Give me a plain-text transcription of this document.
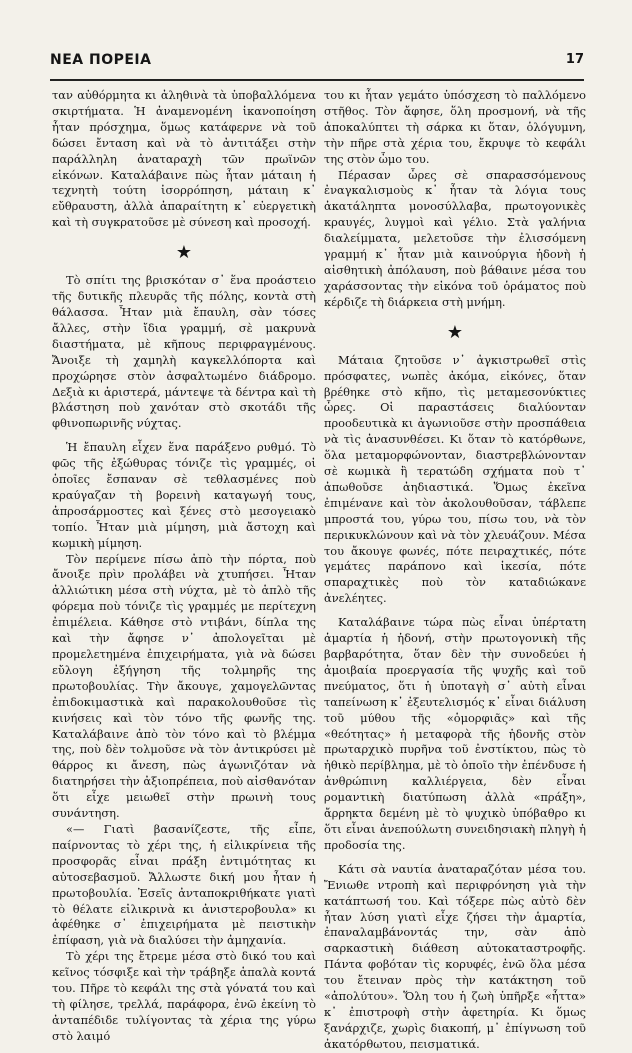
ΝΕΑ ΠΟΡΕΙΑ	17

ταν αὐθόρμητα κι ἀληθινὰ τὰ ὑποβαλλόμενα σκιρτήματα. Ἡ ἀναμενομένη ἱκανοποίηση ἦταν πρόσχημα, ὅμως κατάφερνε νὰ τοῦ δώσει ἔνταση καὶ νὰ τὸ ἀντιτάξει στὴν παράλληλη ἀναταραχὴ τῶν πρωϊνῶν εἰκόνων. Καταλάβαινε πὼς ἦταν μάταιη ἡ τεχνητὴ τούτη ἰσορρόπηση, μάταιη κ᾿ εὔθραυστη, ἀλλὰ ἀπαραίτητη κ᾿ εὐεργετικὴ καὶ τὴ συγκρατοῦσε μὲ σύνεση καὶ προσοχή.

★

Τὸ σπίτι της βρισκόταν σ᾿ ἕνα προάστειο τῆς δυτικῆς πλευρᾶς τῆς πόλης, κοντὰ στὴ θάλασσα. Ἦταν μιὰ ἔπαυλη, σὰν τόσες ἄλλες, στὴν ἴδια γραμμή, σὲ μακρυνὰ διαστήματα, μὲ κῆπους περιφραγμένους. Ἄνοιξε τὴ χαμηλὴ καγκελλόπορτα καὶ προχώρησε στὸν ἀσφαλτωμένο διάδρομο. Δεξιὰ κι ἀριστερά, μάντεψε τὰ δέντρα καὶ τὴ βλάστηση ποὺ χανόταν στὸ σκοτάδι τῆς φθινοπωρινῆς νύχτας.

Ἡ ἔπαυλη εἶχεν ἕνα παράξενο ρυθμό. Τὸ φῶς τῆς ἐξώθυρας τόνιζε τὶς γραμμές, οἱ ὁποῖες ἔσπαναν σὲ τεθλασμένες ποὺ κραύγαζαν τὴ βορεινὴ καταγωγή τους, ἀπροσάρμοστες καὶ ξένες στὸ μεσογειακὸ τοπίο. Ἦταν μιὰ μίμηση, μιὰ ἄστοχη καὶ κωμικὴ μίμηση.

Τὸν περίμενε πίσω ἀπὸ τὴν πόρτα, ποὺ ἄνοιξε πρὶν προλάβει νὰ χτυπήσει. Ἦταν ἀλλιώτικη μέσα στὴ νύχτα, μὲ τὸ ἁπλὸ τῆς φόρεμα ποὺ τόνιζε τὶς γραμμές με περίτεχνη ἐπιμέλεια. Κάθησε στὸ ντιβάνι, δίπλα της καὶ τὴν ἄφησε ν᾿ ἀπολογεῖται μὲ προμελετημένα ἐπιχειρήματα, γιὰ νὰ δώσει εὔλογη ἐξήγηση τῆς τολμηρῆς της πρωτοβουλίας. Τὴν ἄκουγε, χαμογελῶντας ἐπιδοκιμαστικὰ καὶ παρακολουθοῦσε τὶς κινήσεις καὶ τὸν τόνο τῆς φωνῆς της. Καταλάβαινε ἀπὸ τὸν τόνο καὶ τὸ βλέμμα της, ποὺ δὲν τολμοῦσε νὰ τὸν ἀντικρύσει μὲ θάρρος κι ἄνεση, πὼς ἀγωνιζόταν νὰ διατηρήσει τὴν ἀξιοπρέπεια, ποὺ αἰσθανόταν ὅτι εἶχε μειωθεῖ στὴν πρωινὴ τους συνάντηση.

«— Γιατὶ βασανίζεστε, τῆς εἶπε, παίρνοντας τὸ χέρι της, ἡ εἰλικρίνεια τῆς προσφορᾶς εἶναι πράξη ἐντιμότητας κι αὐτοσεβασμοῦ. Ἄλλωστε δική μου ἦταν ἡ πρωτοβουλία. Ἐσεῖς ἀνταποκριθήκατε γιατὶ τὸ θέλατε εἰλικρινὰ κι ἀνιστεροβουλα» κι ἀφέθηκε σ᾿ ἐπιχειρήματα μὲ πειστικὴν ἐπίφαση, γιὰ νὰ διαλύσει τὴν ἀμηχανία.

Τὸ χέρι της ἔτρεμε μέσα στὸ δικό του καὶ κεῖνος τόσφιξε καὶ τὴν τράβηξε ἁπαλὰ κοντά του. Πῆρε τὸ κεφάλι της στὰ γόνατά του καὶ τὴ φίλησε, τρελλά, παράφορα, ἐνῶ ἐκείνη τὸ ἀνταπέδιδε τυλίγοντας τὰ χέρια της γύρω στὸ λαιμό

του κι ἦταν γεμάτο ὑπόσχεση τὸ παλλόμενο στῆθος. Τὸν ἄφησε, ὅλη προσμονή, νὰ τῆς ἀποκαλύπτει τὴ σάρκα κι ὅταν, ὁλόγυμνη, τὴν πῆρε στὰ χέρια του, ἔκρυψε τὸ κεφάλι της στὸν ὦμο του.

Πέρασαν ὧρες σὲ σπαρασσόμενους ἐναγκαλισμοὺς κ᾿ ἦταν τὰ λόγια τους ἀκατάληπτα μονοσύλλαβα, πρωτογονικὲς κραυγές, λυγμοὶ καὶ γέλιο. Στὰ γαλήνια διαλείμματα, μελετοῦσε τὴν ἐλισσόμενη γραμμή κ᾿ ἦταν μιὰ καινούργια ἡδονὴ ἡ αἰσθητικὴ ἀπόλαυση, ποὺ βάθαινε μέσα του χαράσσοντας τὴν εἰκόνα τοῦ ὁράματος ποὺ κέρδιζε τὴ διάρκεια στὴ μνήμη.

★

Μάταια ζητοῦσε ν᾿ ἀγκιστρωθεῖ στὶς πρόσφατες, νωπὲς ἀκόμα, εἰκόνες, ὅταν βρέθηκε στὸ κῆπο, τὶς μεταμεσονύκτιες ὧρες. Οἱ παραστάσεις διαλύονταν προοδευτικὰ κι ἀγωνιοῦσε στὴν προσπάθεια νὰ τὶς ἀνασυνθέσει. Κι ὅταν τὸ κατόρθωνε, ὅλα μεταμορφώνονταν, διαστρεβλώνονταν σὲ κωμικὰ ἢ τερατώδη σχήματα ποὺ τ᾿ ἀπωθοῦσε ἀηδιαστικά. Ὅμως ἐκεῖνα ἐπιμένανε καὶ τὸν ἀκολουθοῦσαν, τάβλεπε μπροστά του, γύρω του, πίσω του, νὰ τὸν περικυκλώνουν καὶ νὰ τὸν χλευάζουν. Μέσα του ἄκουγε φωνές, πότε πειραχτικές, πότε γεμάτες παράπονο καὶ ἱκεσία, πότε σπαραχτικὲς ποὺ τὸν καταδιώκανε ἀνελέητες.

Καταλάβαινε τώρα πὼς εἶναι ὑπέρτατη ἁμαρτία ἡ ἡδονή, στὴν πρωτογονικὴ τῆς βαρβαρότητα, ὅταν δὲν τὴν συνοδεύει ἡ ἀμοιβαία προεργασία τῆς ψυχῆς καὶ τοῦ πνεύματος, ὅτι ἡ ὑποταγὴ σ᾿ αὐτὴ εἶναι ταπείνωση κ᾿ ἐξευτελισμός κ᾿ εἶναι διάλυση τοῦ μύθου τῆς «ὁμορφιᾶς» καὶ τῆς «θεότητας» ἡ μεταφορὰ τῆς ἡδονῆς στὸν πρωταρχικὸ πυρῆνα τοῦ ἐνστίκτου, πὼς τὸ ἠθικὸ περίβλημα, μὲ τὸ ὁποῖο τὴν ἐπένδυσε ἡ ἀνθρώπινη καλλιέργεια, δὲν εἶναι ρομαντικὴ διατύπωση ἀλλὰ «πράξη», ἄρρηκτα δεμένη μὲ τὸ ψυχικὸ ὑπόβαθρο κι ὅτι εἶναι ἀνεπούλωτη συνειδησιακὴ πληγὴ ἡ προδοσία της.

Κάτι σὰ ναυτία ἀναταραζόταν μέσα του. Ἔνιωθε ντροπὴ καὶ περιφρόνηση γιὰ τὴν κατάπτωσή του. Καὶ τόξερε πὼς αὐτὸ δὲν ἦταν λύση γιατὶ εἶχε ζήσει τὴν ἁμαρτία, ἐπαναλαμβάνοντάς την, σὰν ἀπὸ σαρκαστικὴ διάθεση αὐτοκαταστροφῆς. Πάντα φοβόταν τὶς κορυφές, ἐνῶ ὅλα μέσα του ἔτειναν πρὸς τὴν κατάκτηση τοῦ «ἀπολύτου». Ὅλη του ἡ ζωὴ ὑπῆρξε «ἧττα» κ᾿ ἐπιστροφὴ στὴν ἀφετηρία. Κι ὅμως ξανάρχιζε, χωρὶς διακοπή, μ᾿ ἐπίγνωση τοῦ ἀκατόρθωτου, πεισματικά.
